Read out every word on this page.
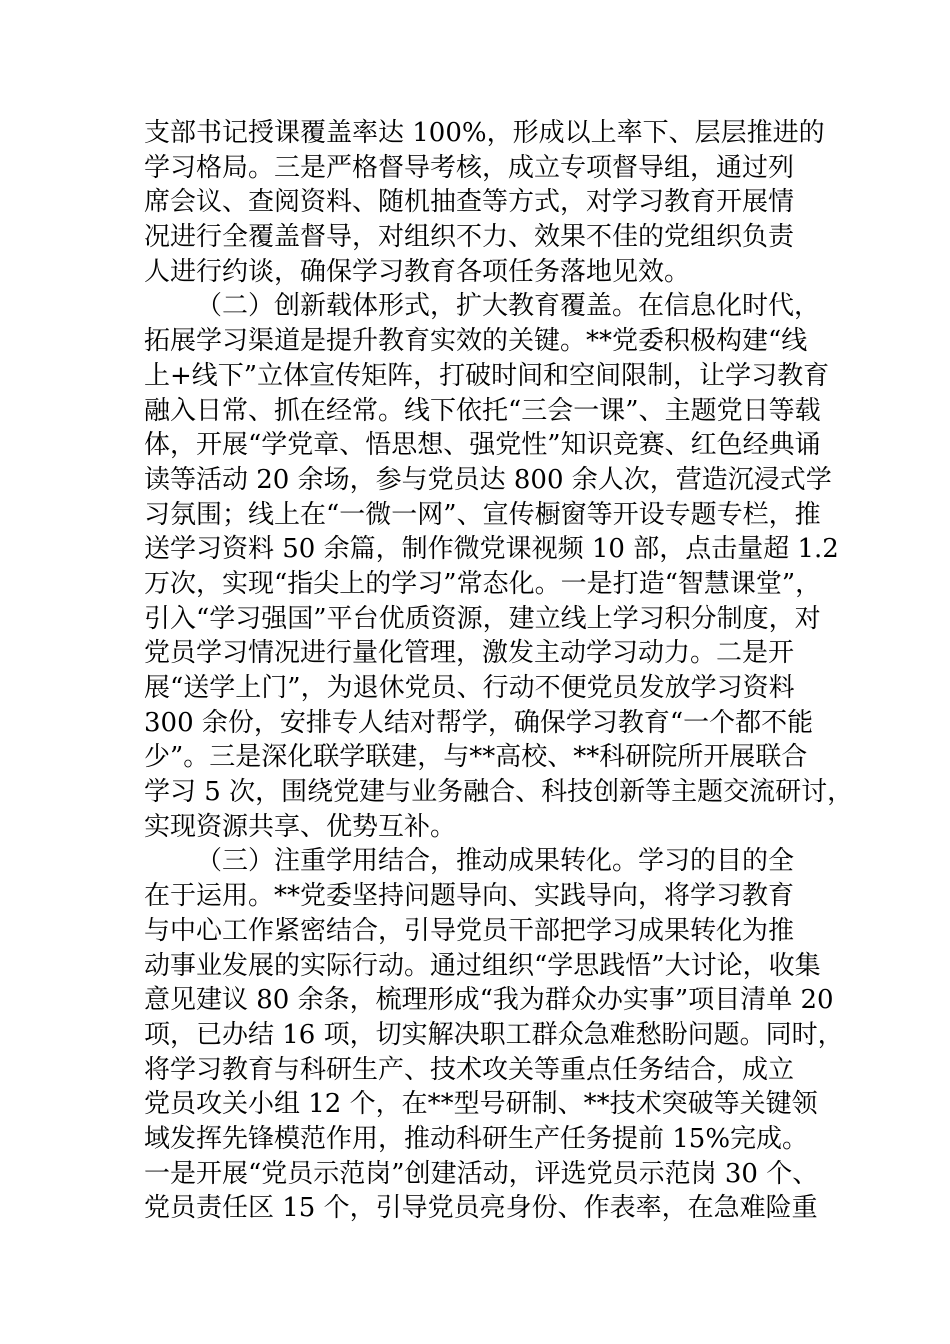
支部书记授课覆盖率达 100%，形成以上率下、层层推进的
学习格局。三是严格督导考核，成立专项督导组，通过列
席会议、查阅资料、随机抽查等方式，对学习教育开展情
况进行全覆盖督导，对组织不力、效果不佳的党组织负责
人进行约谈，确保学习教育各项任务落地见效。
（二）创新载体形式，扩大教育覆盖。在信息化时代，
拓展学习渠道是提升教育实效的关键。**党委积极构建“线
上+线下”立体宣传矩阵，打破时间和空间限制，让学习教育
融入日常、抓在经常。线下依托“三会一课”、主题党日等载
体，开展“学党章、悟思想、强党性”知识竞赛、红色经典诵
读等活动 20 余场，参与党员达 800 余人次，营造沉浸式学
习氛围；线上在“一微一网”、宣传橱窗等开设专题专栏，推
送学习资料 50 余篇，制作微党课视频 10 部，点击量超 1.2
万次，实现“指尖上的学习”常态化。一是打造“智慧课堂”，
引入“学习强国”平台优质资源，建立线上学习积分制度，对
党员学习情况进行量化管理，激发主动学习动力。二是开
展“送学上门”，为退休党员、行动不便党员发放学习资料
300 余份，安排专人结对帮学，确保学习教育“一个都不能
少”。三是深化联学联建，与**高校、**科研院所开展联合
学习 5 次，围绕党建与业务融合、科技创新等主题交流研讨，
实现资源共享、优势互补。
（三）注重学用结合，推动成果转化。学习的目的全
在于运用。**党委坚持问题导向、实践导向，将学习教育
与中心工作紧密结合，引导党员干部把学习成果转化为推
动事业发展的实际行动。通过组织“学思践悟”大讨论，收集
意见建议 80 余条，梳理形成“我为群众办实事”项目清单 20
项，已办结 16 项，切实解决职工群众急难愁盼问题。同时，
将学习教育与科研生产、技术攻关等重点任务结合，成立
党员攻关小组 12 个，在**型号研制、**技术突破等关键领
域发挥先锋模范作用，推动科研生产任务提前 15%完成。
一是开展“党员示范岗”创建活动，评选党员示范岗 30 个、
党员责任区 15 个，引导党员亮身份、作表率，在急难险重
